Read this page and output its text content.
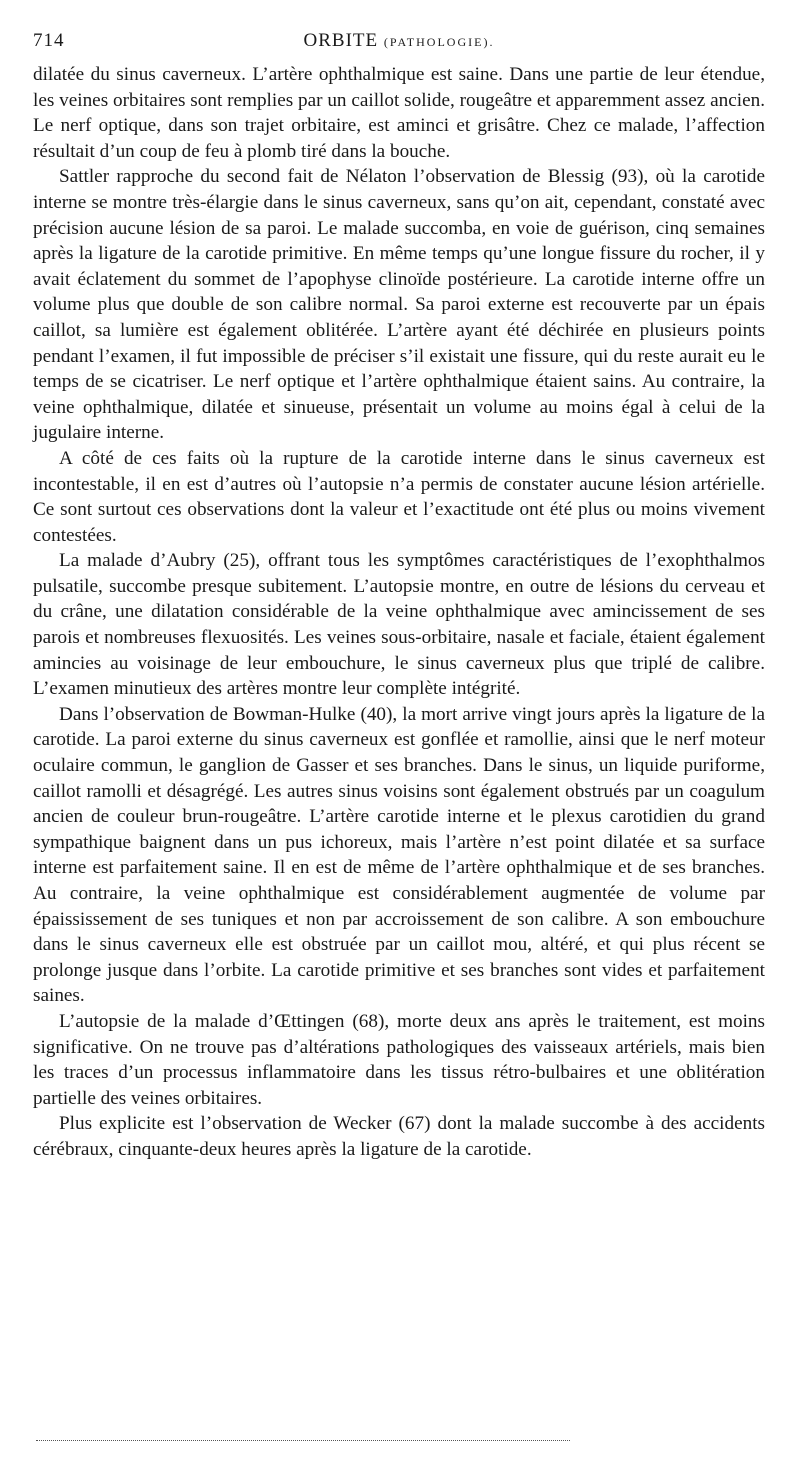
714	ORBITE (PATHOLOGIE).

dilatée du sinus caverneux. L’artère ophthalmique est saine. Dans une partie de leur étendue, les veines orbitaires sont remplies par un caillot solide, rougeâtre et apparemment assez ancien. Le nerf optique, dans son trajet orbitaire, est aminci et grisâtre. Chez ce malade, l’affection résultait d’un coup de feu à plomb tiré dans la bouche.

Sattler rapproche du second fait de Nélaton l’observation de Blessig (93), où la carotide interne se montre très-élargie dans le sinus caverneux, sans qu’on ait, cependant, constaté avec précision aucune lésion de sa paroi. Le malade succomba, en voie de guérison, cinq semaines après la ligature de la carotide primitive. En même temps qu’une longue fissure du rocher, il y avait éclatement du sommet de l’apophyse clinoïde postérieure. La carotide interne offre un volume plus que double de son calibre normal. Sa paroi externe est recouverte par un épais caillot, sa lumière est également oblitérée. L’artère ayant été déchirée en plusieurs points pendant l’examen, il fut impossible de préciser s’il existait une fissure, qui du reste aurait eu le temps de se cicatriser. Le nerf optique et l’artère ophthalmique étaient sains. Au contraire, la veine ophthalmique, dilatée et sinueuse, présentait un volume au moins égal à celui de la jugulaire interne.

A côté de ces faits où la rupture de la carotide interne dans le sinus caverneux est incontestable, il en est d’autres où l’autopsie n’a permis de constater aucune lésion artérielle. Ce sont surtout ces observations dont la valeur et l’exactitude ont été plus ou moins vivement contestées.

La malade d’Aubry (25), offrant tous les symptômes caractéristiques de l’exophthalmos pulsatile, succombe presque subitement. L’autopsie montre, en outre de lésions du cerveau et du crâne, une dilatation considérable de la veine ophthalmique avec amincissement de ses parois et nombreuses flexuosités. Les veines sous-orbitaire, nasale et faciale, étaient également amincies au voisinage de leur embouchure, le sinus caverneux plus que triplé de calibre. L’examen minutieux des artères montre leur complète intégrité.

Dans l’observation de Bowman-Hulke (40), la mort arrive vingt jours après la ligature de la carotide. La paroi externe du sinus caverneux est gonflée et ramollie, ainsi que le nerf moteur oculaire commun, le ganglion de Gasser et ses branches. Dans le sinus, un liquide puriforme, caillot ramolli et désagrégé. Les autres sinus voisins sont également obstrués par un coagulum ancien de couleur brun-rougeâtre. L’artère carotide interne et le plexus carotidien du grand sympathique baignent dans un pus ichoreux, mais l’artère n’est point dilatée et sa surface interne est parfaitement saine. Il en est de même de l’artère ophthalmique et de ses branches. Au contraire, la veine ophthalmique est considérablement augmentée de volume par épaississement de ses tuniques et non par accroissement de son calibre. A son embouchure dans le sinus caverneux elle est obstruée par un caillot mou, altéré, et qui plus récent se prolonge jusque dans l’orbite. La carotide primitive et ses branches sont vides et parfaitement saines.

L’autopsie de la malade d’Œttingen (68), morte deux ans après le traitement, est moins significative. On ne trouve pas d’altérations pathologiques des vaisseaux artériels, mais bien les traces d’un processus inflammatoire dans les tissus rétro-bulbaires et une oblitération partielle des veines orbitaires.

Plus explicite est l’observation de Wecker (67) dont la malade succombe à des accidents cérébraux, cinquante-deux heures après la ligature de la carotide.
